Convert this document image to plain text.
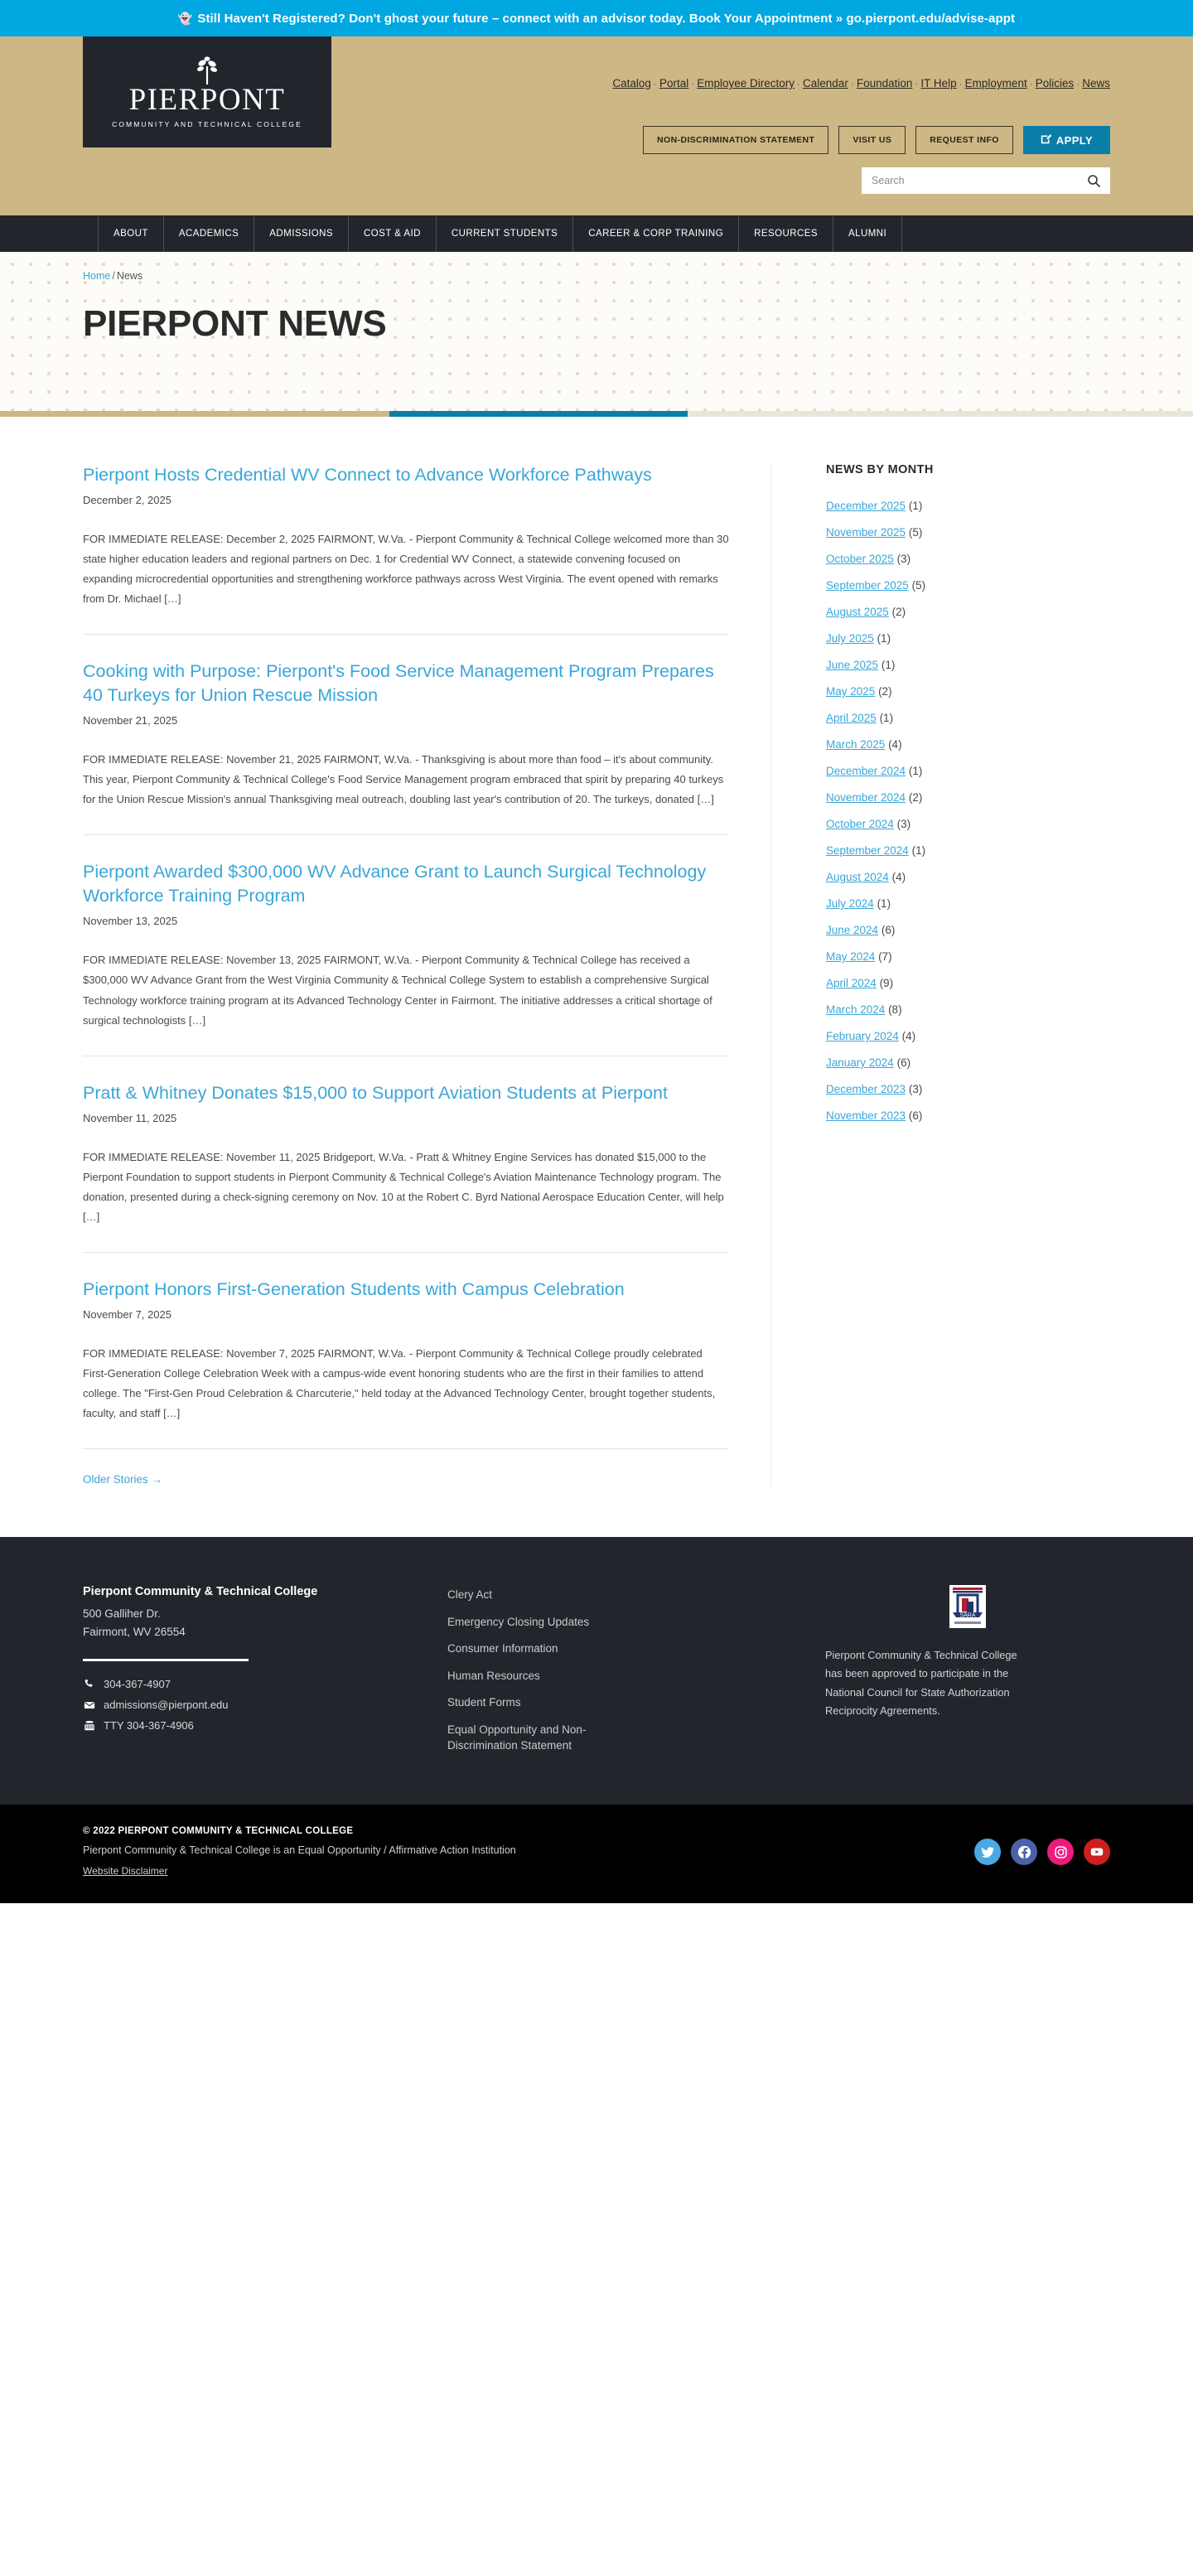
👻 Still Haven't Registered? Don't ghost your future – connect with an advisor today. Book Your Appointment » go.pierpont.edu/advise-appt
PIERPONT
COMMUNITY AND TECHNICAL COLLEGE
Catalog · Portal · Employee Directory · Calendar · Foundation · IT Help · Employment · Policies · News
NON-DISCRIMINATION STATEMENT	VISIT US	REQUEST INFO	APPLY
Search
ABOUT	ACADEMICS	ADMISSIONS	COST & AID	CURRENT STUDENTS	CAREER & CORP TRAINING	RESOURCES	ALUMNI
Home / News
PIERPONT NEWS
Pierpont Hosts Credential WV Connect to Advance Workforce Pathways
December 2, 2025
FOR IMMEDIATE RELEASE: December 2, 2025 FAIRMONT, W.Va. - Pierpont Community & Technical College welcomed more than 30 state higher education leaders and regional partners on Dec. 1 for Credential WV Connect, a statewide convening focused on expanding microcredential opportunities and strengthening workforce pathways across West Virginia. The event opened with remarks from Dr. Michael […]
Cooking with Purpose: Pierpont's Food Service Management Program Prepares 40 Turkeys for Union Rescue Mission
November 21, 2025
FOR IMMEDIATE RELEASE: November 21, 2025 FAIRMONT, W.Va. - Thanksgiving is about more than food – it's about community. This year, Pierpont Community & Technical College's Food Service Management program embraced that spirit by preparing 40 turkeys for the Union Rescue Mission's annual Thanksgiving meal outreach, doubling last year's contribution of 20. The turkeys, donated […]
Pierpont Awarded $300,000 WV Advance Grant to Launch Surgical Technology Workforce Training Program
November 13, 2025
FOR IMMEDIATE RELEASE: November 13, 2025 FAIRMONT, W.Va. - Pierpont Community & Technical College has received a $300,000 WV Advance Grant from the West Virginia Community & Technical College System to establish a comprehensive Surgical Technology workforce training program at its Advanced Technology Center in Fairmont. The initiative addresses a critical shortage of surgical technologists […]
Pratt & Whitney Donates $15,000 to Support Aviation Students at Pierpont
November 11, 2025
FOR IMMEDIATE RELEASE: November 11, 2025 Bridgeport, W.Va. - Pratt & Whitney Engine Services has donated $15,000 to the Pierpont Foundation to support students in Pierpont Community & Technical College's Aviation Maintenance Technology program. The donation, presented during a check-signing ceremony on Nov. 10 at the Robert C. Byrd National Aerospace Education Center, will help […]
Pierpont Honors First-Generation Students with Campus Celebration
November 7, 2025
FOR IMMEDIATE RELEASE: November 7, 2025 FAIRMONT, W.Va. - Pierpont Community & Technical College proudly celebrated First-Generation College Celebration Week with a campus-wide event honoring students who are the first in their families to attend college. The "First-Gen Proud Celebration & Charcuterie," held today at the Advanced Technology Center, brought together students, faculty, and staff […]
Older Stories →
NEWS BY MONTH
December 2025 (1)
November 2025 (5)
October 2025 (3)
September 2025 (5)
August 2025 (2)
July 2025 (1)
June 2025 (1)
May 2025 (2)
April 2025 (1)
March 2025 (4)
December 2024 (1)
November 2024 (2)
October 2024 (3)
September 2024 (1)
August 2024 (4)
July 2024 (1)
June 2024 (6)
May 2024 (7)
April 2024 (9)
March 2024 (8)
February 2024 (4)
January 2024 (6)
December 2023 (3)
November 2023 (6)
Pierpont Community & Technical College
500 Galliher Dr.
Fairmont, WV 26554
304-367-4907
admissions@pierpont.edu
TTY 304-367-4906
Clery Act
Emergency Closing Updates
Consumer Information
Human Resources
Student Forms
Equal Opportunity and Non-Discrimination Statement
SARA
Pierpont Community & Technical College has been approved to participate in the National Council for State Authorization Reciprocity Agreements.
© 2022 PIERPONT COMMUNITY & TECHNICAL COLLEGE
Pierpont Community & Technical College is an Equal Opportunity / Affirmative Action Institution
Website Disclaimer
